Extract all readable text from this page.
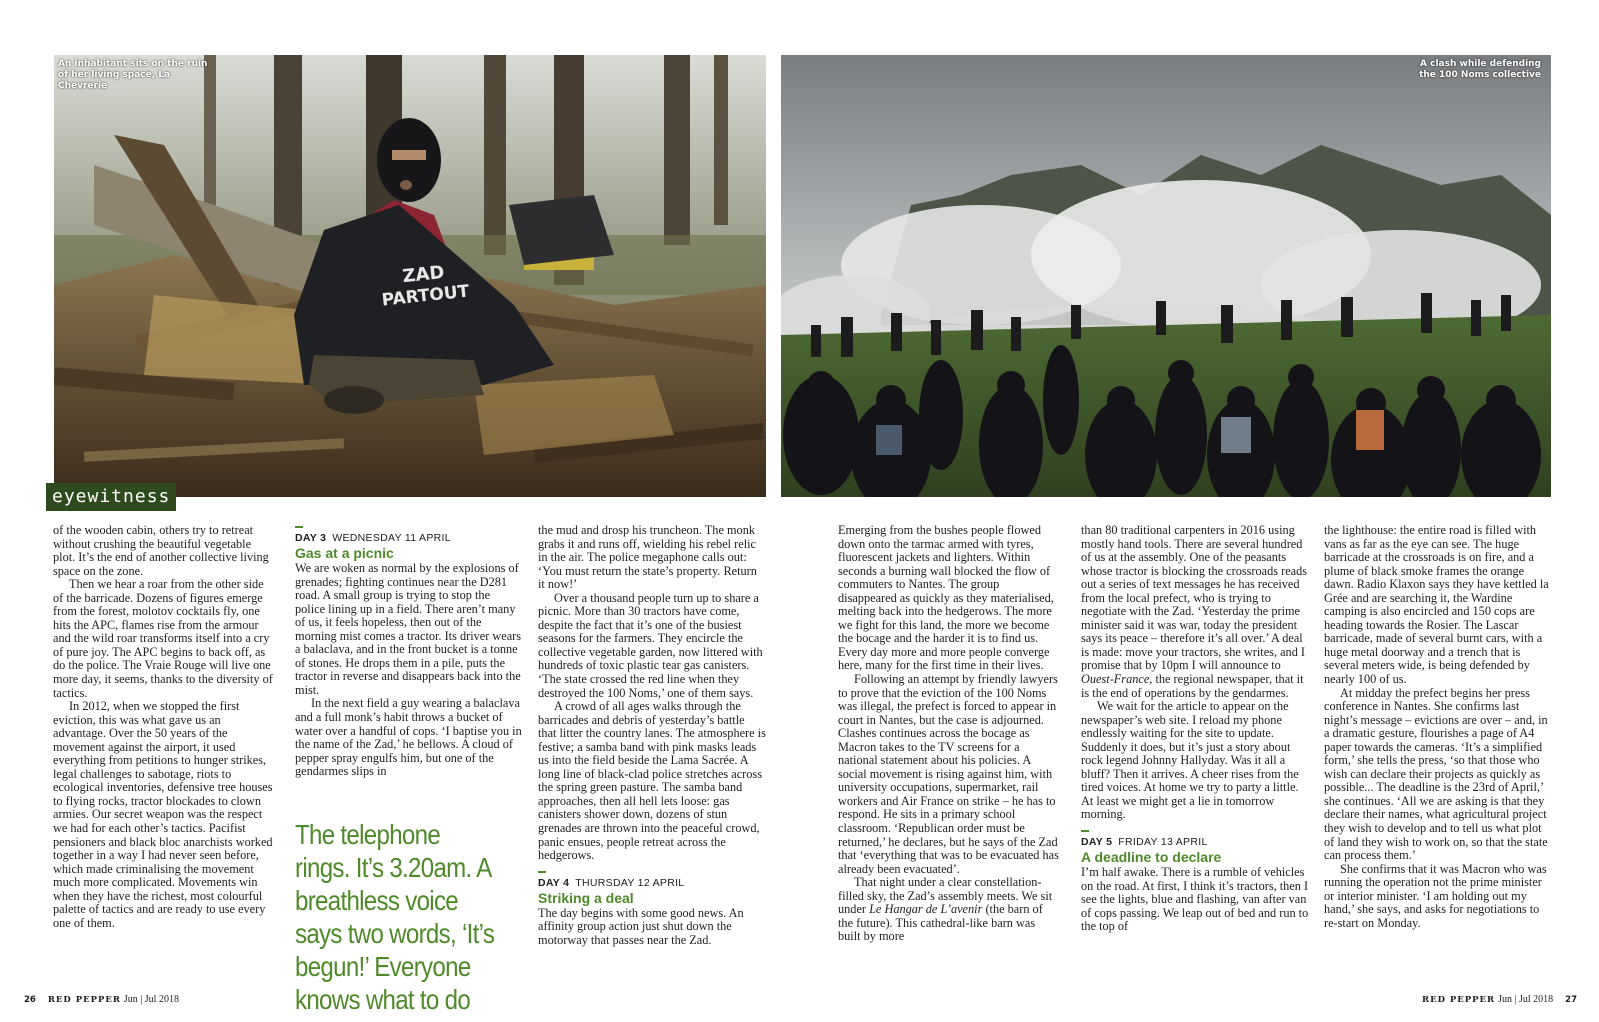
ZAD
PARTOUT
An inhabitant sits on the ruin of her living space, La Chevrerie
A clash while defending the 100 Noms collective
eyewitness

of the wooden cabin, others try to retreat without crushing the beautiful vegetable plot. It’s the end of another collective living space on the zone.

Then we hear a roar from the other side of the barricade. Dozens of figures emerge from the forest, molotov cocktails fly, one hits the APC, flames rise from the armour and the wild roar transforms itself into a cry of pure joy. The APC begins to back off, as do the police. The Vraie Rouge will live one more day, it seems, thanks to the diversity of tactics.

In 2012, when we stopped the first eviction, this was what gave us an advantage. Over the 50 years of the movement against the airport, it used everything from petitions to hunger strikes, legal challenges to sabotage, riots to ecological inventories, defensive tree houses to flying rocks, tractor blockades to clown armies. Our secret weapon was the respect we had for each other’s tactics. Pacifist pensioners and black bloc anarchists worked together in a way I had never seen before, which made criminalising the movement much more complicated. Movements win when they have the richest, most colourful palette of tactics and are ready to use every one of them.

DAY 3 WEDNESDAY 11 APRIL
Gas at a picnic

We are woken as normal by the explosions of grenades; fighting continues near the D281 road. A small group is trying to stop the police lining up in a field. There aren’t many of us, it feels hopeless, then out of the morning mist comes a tractor. Its driver wears a balaclava, and in the front bucket is a tonne of stones. He drops them in a pile, puts the tractor in reverse and disappears back into the mist.

In the next field a guy wearing a balaclava and a full monk’s habit throws a bucket of water over a handful of cops. ‘I baptise you in the name of the Zad,’ he bellows. A cloud of pepper spray engulfs him, but one of the gendarmes slips in

The telephone rings. It’s 3.20am. A breathless voice says two words, ‘It’s begun!’ Everyone knows what to do

the mud and drosp his truncheon. The monk grabs it and runs off, wielding his rebel relic in the air. The police megaphone calls out: ‘You must return the state’s property. Return it now!’

Over a thousand people turn up to share a picnic. More than 30 tractors have come, despite the fact that it’s one of the busiest seasons for the farmers. They encircle the collective vegetable garden, now littered with hundreds of toxic plastic tear gas canisters. ‘The state crossed the red line when they destroyed the 100 Noms,’ one of them says.

A crowd of all ages walks through the barricades and debris of yesterday’s battle that litter the country lanes. The atmosphere is festive; a samba band with pink masks leads us into the field beside the Lama Sacrée. A long line of black-clad police stretches across the spring green pasture. The samba band approaches, then all hell lets loose: gas canisters shower down, dozens of stun grenades are thrown into the peaceful crowd, panic ensues, people retreat across the hedgerows.

DAY 4 THURSDAY 12 APRIL
Striking a deal

The day begins with some good news. An affinity group action just shut down the motorway that passes near the Zad.

Emerging from the bushes people flowed down onto the tarmac armed with tyres, fluorescent jackets and lighters. Within seconds a burning wall blocked the flow of commuters to Nantes. The group disappeared as quickly as they materialised, melting back into the hedgerows. The more we fight for this land, the more we become the bocage and the harder it is to find us. Every day more and more people converge here, many for the first time in their lives.

Following an attempt by friendly lawyers to prove that the eviction of the 100 Noms was illegal, the prefect is forced to appear in court in Nantes, but the case is adjourned. Clashes continues across the bocage as Macron takes to the TV screens for a national statement about his policies. A social movement is rising against him, with university occupations, supermarket, rail workers and Air France on strike – he has to respond. He sits in a primary school classroom. ‘Republican order must be returned,’ he declares, but he says of the Zad that ‘everything that was to be evacuated has already been evacuated’.

That night under a clear constellation-filled sky, the Zad’s assembly meets. We sit under Le Hangar de L’avenir (the barn of the future). This cathedral-like barn was built by more

than 80 traditional carpenters in 2016 using mostly hand tools. There are several hundred of us at the assembly. One of the peasants whose tractor is blocking the crossroads reads out a series of text messages he has received from the local prefect, who is trying to negotiate with the Zad. ‘Yesterday the prime minister said it was war, today the president says its peace – therefore it’s all over.’ A deal is made: move your tractors, she writes, and I promise that by 10pm I will announce to Ouest-France, the regional newspaper, that it is the end of operations by the gendarmes.

We wait for the article to appear on the newspaper’s web site. I reload my phone endlessly waiting for the site to update. Suddenly it does, but it’s just a story about rock legend Johnny Hallyday. Was it all a bluff? Then it arrives. A cheer rises from the tired voices. At home we try to party a little. At least we might get a lie in tomorrow morning.

DAY 5 FRIDAY 13 APRIL
A deadline to declare

I’m half awake. There is a rumble of vehicles on the road. At first, I think it’s tractors, then I see the lights, blue and flashing, van after van of cops passing. We leap out of bed and run to the top of

the lighthouse: the entire road is filled with vans as far as the eye can see. The huge barricade at the crossroads is on fire, and a plume of black smoke frames the orange dawn. Radio Klaxon says they have kettled la Grée and are searching it, the Wardine camping is also encircled and 150 cops are heading towards the Rosier. The Lascar barricade, made of several burnt cars, with a huge metal doorway and a trench that is several meters wide, is being defended by nearly 100 of us.

At midday the prefect begins her press conference in Nantes. She confirms last night’s message – evictions are over – and, in a dramatic gesture, flourishes a page of A4 paper towards the cameras. ‘It’s a simplified form,’ she tells the press, ‘so that those who wish can declare their projects as quickly as possible... The deadline is the 23rd of April,’ she continues. ‘All we are asking is that they declare their names, what agricultural project they wish to develop and to tell us what plot of land they wish to work on, so that the state can process them.’

She confirms that it was Macron who was running the operation not the prime minister or interior minister. ‘I am holding out my hand,’ she says, and asks for negotiations to re-start on Monday.

26 RED PEPPER Jun | Jul 2018	RED PEPPER Jun | Jul 2018 27
